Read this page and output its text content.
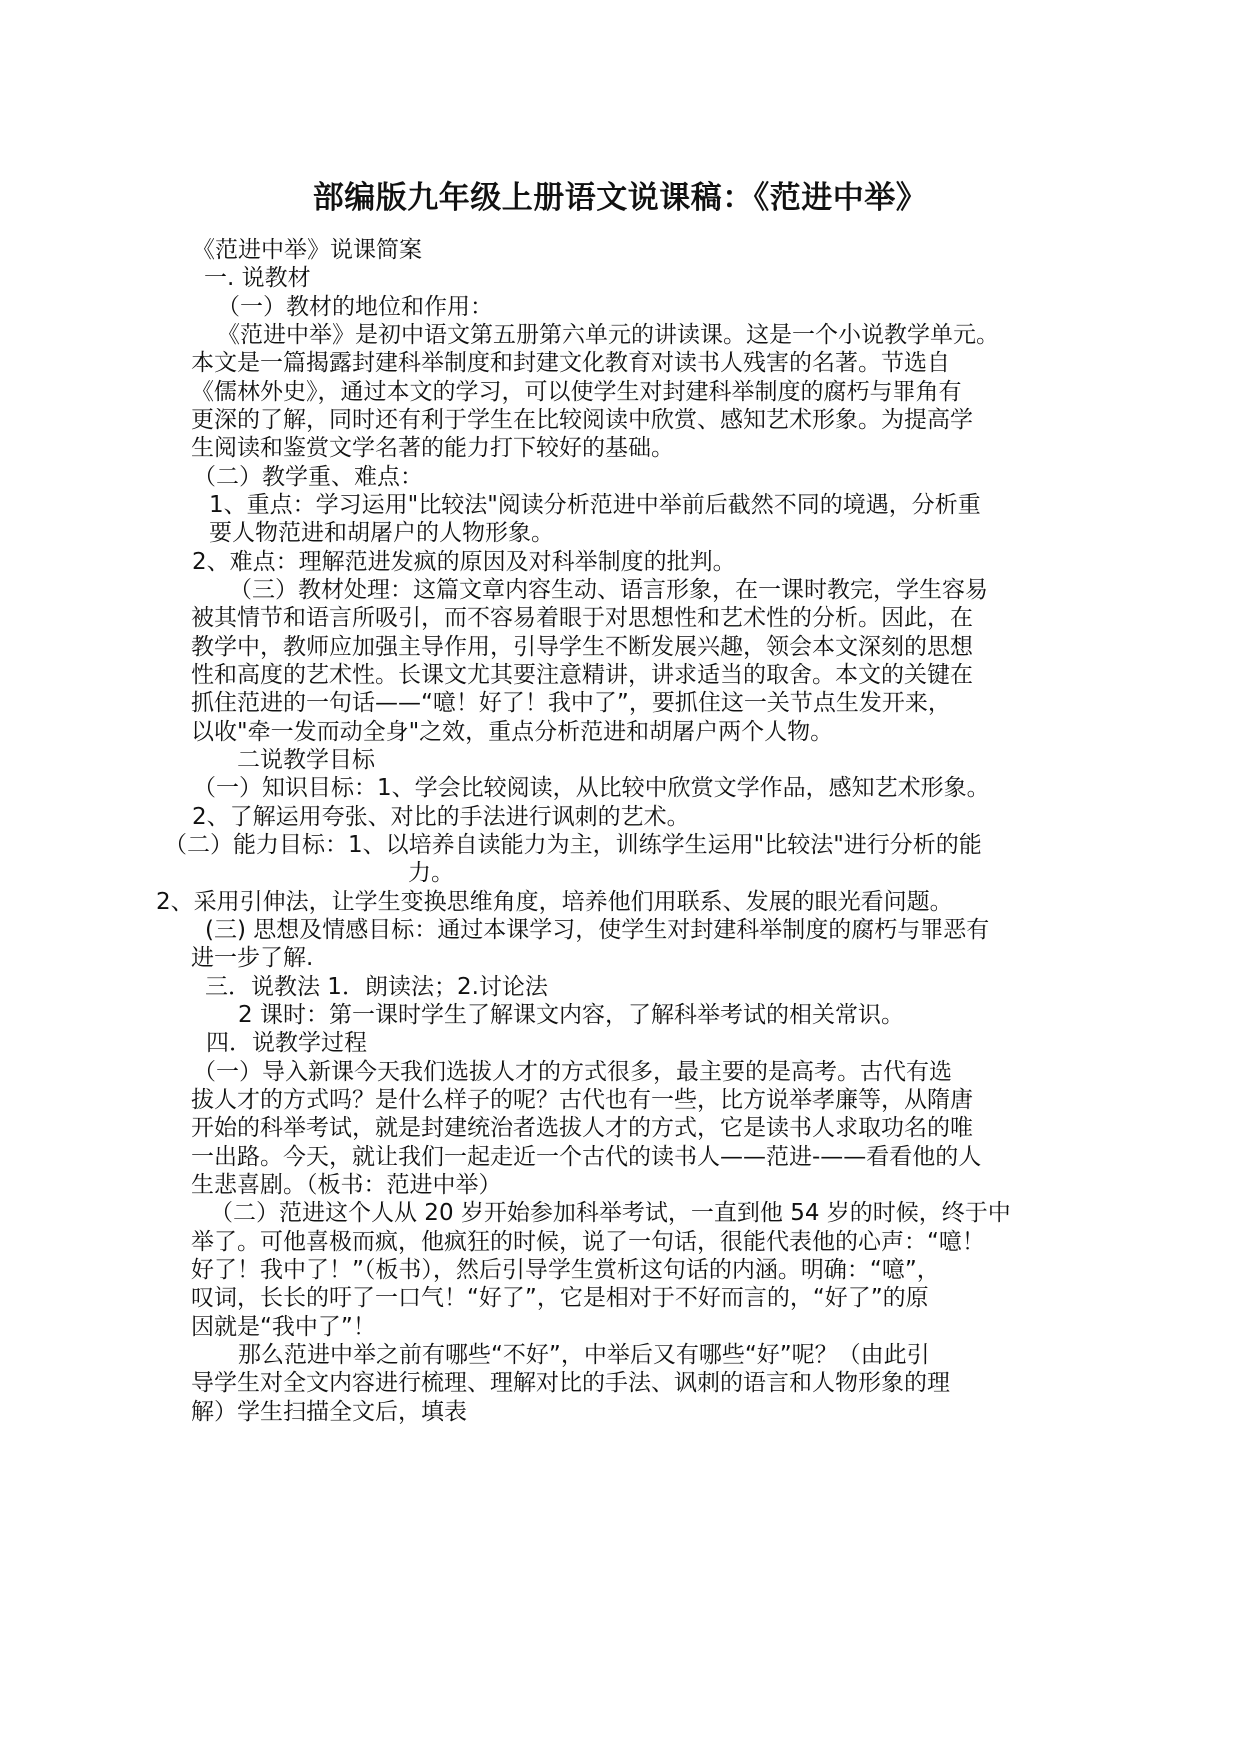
部编版九年级上册语文说课稿：《范进中举》
《范进中举》说课简案
一. 说教材
（一）教材的地位和作用：
《范进中举》是初中语文第五册第六单元的讲读课。这是一个小说教学单元。
本文是一篇揭露封建科举制度和封建文化教育对读书人残害的名著。节选自
《儒林外史》，通过本文的学习，可以使学生对封建科举制度的腐朽与罪角有
更深的了解，同时还有利于学生在比较阅读中欣赏、感知艺术形象。为提高学
生阅读和鉴赏文学名著的能力打下较好的基础。
（二）教学重、难点：
1、重点：学习运用"比较法"阅读分析范进中举前后截然不同的境遇，分析重
要人物范进和胡屠户的人物形象。
2、难点：理解范进发疯的原因及对科举制度的批判。
（三）教材处理：这篇文章内容生动、语言形象，在一课时教完，学生容易
被其情节和语言所吸引，而不容易着眼于对思想性和艺术性的分析。因此，在
教学中，教师应加强主导作用，引导学生不断发展兴趣，领会本文深刻的思想
性和高度的艺术性。长课文尤其要注意精讲，讲求适当的取舍。本文的关键在
抓住范进的一句话——“噫！好了！我中了”，要抓住这一关节点生发开来，
以收"牵一发而动全身"之效，重点分析范进和胡屠户两个人物。
二说教学目标
（一）知识目标：1、学会比较阅读，从比较中欣赏文学作品，感知艺术形象。
2、了解运用夸张、对比的手法进行讽刺的艺术。
（二）能力目标：1、以培养自读能力为主，训练学生运用"比较法"进行分析的能
力。
2、采用引伸法，让学生变换思维角度，培养他们用联系、发展的眼光看问题。
(三) 思想及情感目标：通过本课学习，使学生对封建科举制度的腐朽与罪恶有
进一步了解.
三．说教法 1．朗读法；2.讨论法
2 课时：第一课时学生了解课文内容，了解科举考试的相关常识。
四．说教学过程
（一）导入新课今天我们选拔人才的方式很多，最主要的是高考。古代有选
拔人才的方式吗？是什么样子的呢？古代也有一些，比方说举孝廉等，从隋唐
开始的科举考试，就是封建统治者选拔人才的方式，它是读书人求取功名的唯
一出路。今天，就让我们一起走近一个古代的读书人——范进-——看看他的人
生悲喜剧。（板书：范进中举）
（二）范进这个人从 20 岁开始参加科举考试，一直到他 54 岁的时候，终于中
举了。可他喜极而疯，他疯狂的时候，说了一句话，很能代表他的心声：“噫！
好了！我中了！”（板书），然后引导学生赏析这句话的内涵。明确：“噫”，
叹词，长长的吁了一口气！“好了”，它是相对于不好而言的，“好了”的原
因就是“我中了”！
那么范进中举之前有哪些“不好”，中举后又有哪些“好”呢？（由此引
导学生对全文内容进行梳理、理解对比的手法、讽刺的语言和人物形象的理
解）学生扫描全文后，填表
